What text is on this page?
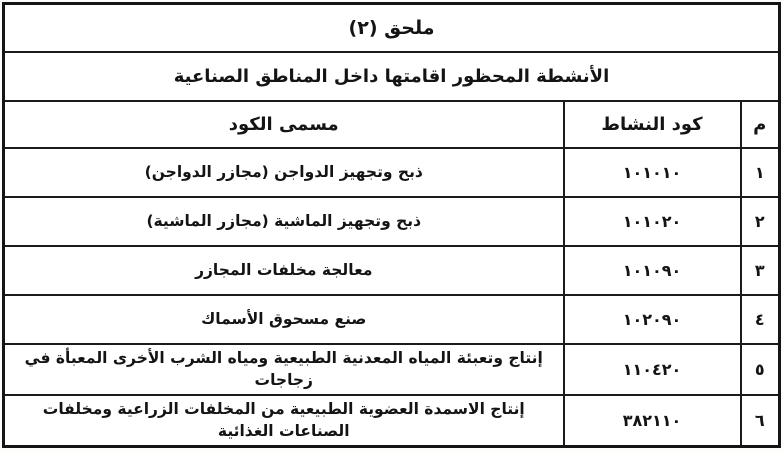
ملحق (٢)		
الأنشطة المحظور اقامتها داخل المناطق الصناعية		
م	كود النشاط	مسمى الكود
١	١٠١٠١٠	ذبح وتجهيز الدواجن (مجازر الدواجن)
٢	١٠١٠٢٠	ذبح وتجهيز الماشية (مجازر الماشية)
٣	١٠١٠٩٠	معالجة مخلفات المجازر
٤	١٠٢٠٩٠	صنع مسحوق الأسماك
٥	١١٠٤٢٠	إنتاج وتعبئة المياه المعدنية الطبيعية ومياه الشرب الأخرى المعبأة في زجاجات
٦	٣٨٢١١٠	إنتاج الاسمدة العضوية الطبيعية من المخلفات الزراعية ومخلفات الصناعات الغذائية
